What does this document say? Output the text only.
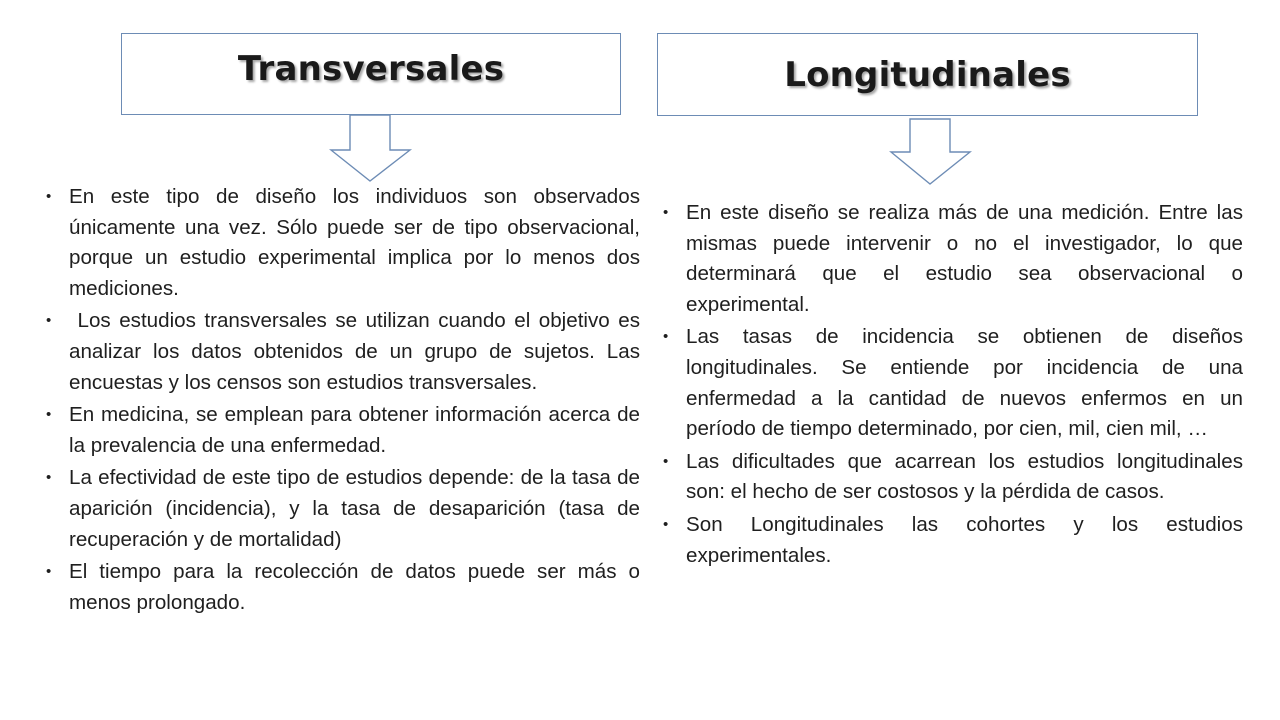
Transversales	Longitudinales
• En este tipo de diseño los individuos son observados únicamente una vez. Sólo puede ser de tipo observacional, porque un estudio experimental implica por lo menos dos mediciones.
• Los estudios transversales se utilizan cuando el objetivo es analizar los datos obtenidos de un grupo de sujetos. Las encuestas y los censos son estudios transversales.
• En medicina, se emplean para obtener información acerca de la prevalencia de una enfermedad.
• La efectividad de este tipo de estudios depende: de la tasa de aparición (incidencia), y la tasa de desaparición (tasa de recuperación y de mortalidad)
• El tiempo para la recolección de datos puede ser más o menos prolongado.
• En este diseño se realiza más de una medición. Entre las mismas puede intervenir o no el investigador, lo que determinará que el estudio sea observacional o experimental.
• Las tasas de incidencia se obtienen de diseños longitudinales. Se entiende por incidencia de una enfermedad a la cantidad de nuevos enfermos en un período de tiempo determinado, por cien, mil, cien mil, …
• Las dificultades que acarrean los estudios longitudinales son: el hecho de ser costosos y la pérdida de casos.
• Son Longitudinales las cohortes y los estudios experimentales.
